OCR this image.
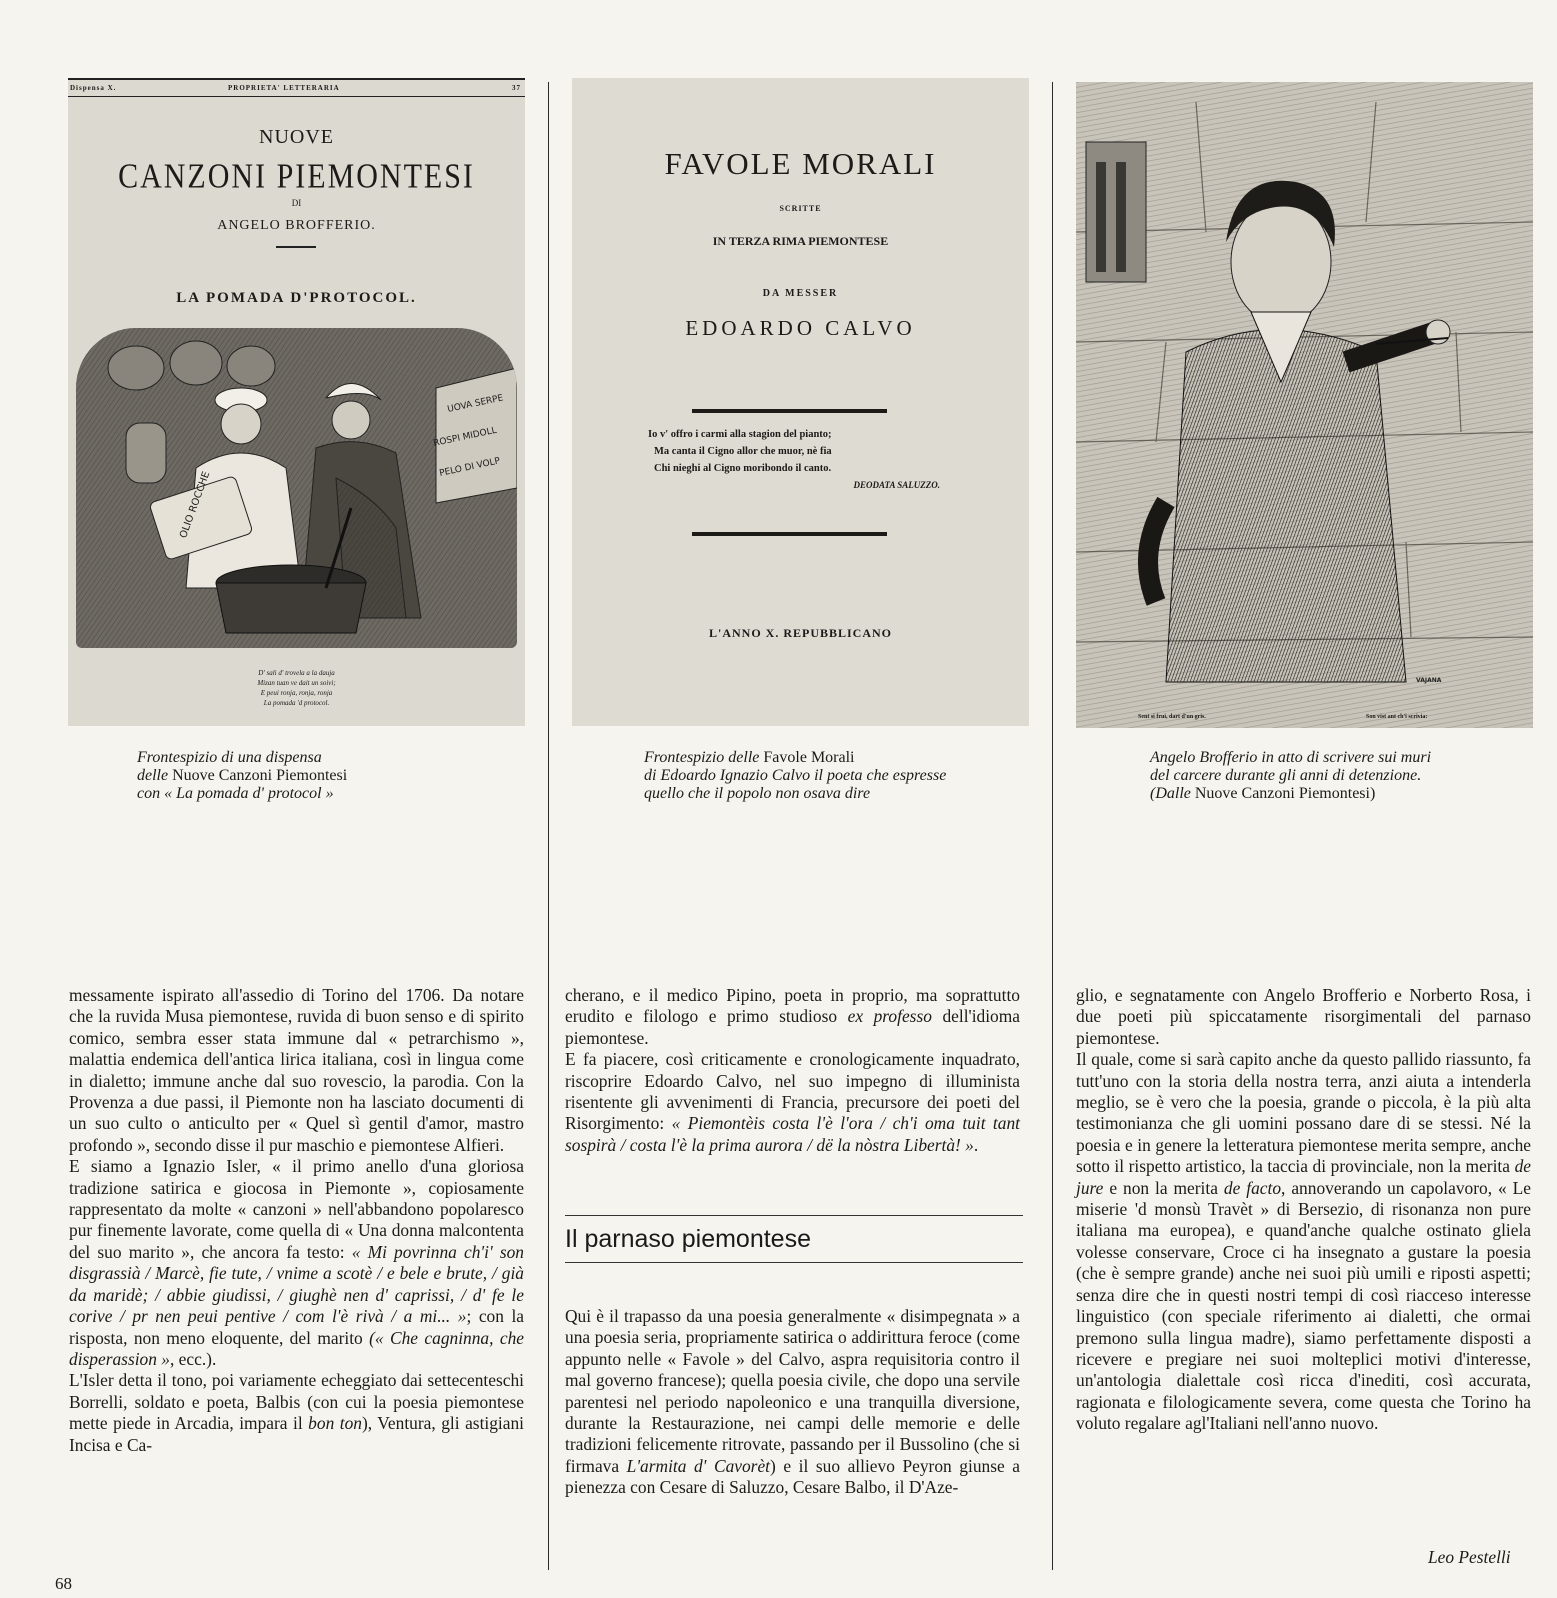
Dispensa X.	PROPRIETA' LETTERARIA	37
NUOVE
CANZONI PIEMONTESI
DI
ANGELO BROFFERIO.
LA POMADA D'PROTOCOL.
UOVA SERPE
ROSPI MIDOLL
PELO DI VOLP
OLIO ROCCHE
D' sali d' trovela a la dauja
Mizan tuan ve dait un soivi;
E peui ronja, ronja, ronja
La pomada 'd protocol.
FAVOLE MORALI
SCRITTE
IN TERZA RIMA PIEMONTESE
DA MESSER
EDOARDO CALVO
Io v' offro i carmi alla stagion del pianto;
Ma canta il Cigno allor che muor, nè fia
Chi nieghi al Cigno moribondo il canto.
DEODATA SALUZZO.
L'ANNO X. REPUBBLICANO
VAJANA
Sent si frui, dart d'un gris.	Son vist ant ch'i scrivia:
Frontespizio di una dispensa
delle Nuove Canzoni Piemontesi
con « La pomada d' protocol »
Frontespizio delle Favole Morali
di Edoardo Ignazio Calvo il poeta che espresse
quello che il popolo non osava dire
Angelo Brofferio in atto di scrivere sui muri
del carcere durante gli anni di detenzione.
(Dalle Nuove Canzoni Piemontesi)

messamente ispirato all'assedio di Torino del 1706. Da notare che la ruvida Musa piemontese, ruvida di buon senso e di spirito comico, sembra esser stata immune dal « petrarchismo », malattia endemica dell'antica lirica italiana, così in lingua come in dialetto; immune anche dal suo rovescio, la parodia. Con la Provenza a due passi, il Piemonte non ha lasciato documenti di un suo culto o anticulto per « Quel sì gentil d'amor, mastro profondo », secondo disse il pur maschio e piemontese Alfieri.

E siamo a Ignazio Isler, « il primo anello d'una gloriosa tradizione satirica e giocosa in Piemonte », copiosamente rappresentato da molte « canzoni » nell'abbandono popolaresco pur finemente lavorate, come quella di « Una donna malcontenta del suo marito », che ancora fa testo: « Mi povrinna ch'i' son disgrassià / Marcè, fie tute, / vnime a scotè / e bele e brute, / già da maridè; / abbie giudissi, / giughè nen d' caprissi, / d' fe le corive / pr nen peui pentive / com l'è rivà / a mi... »; con la risposta, non meno eloquente, del marito (« Che cagninna, che disperassion », ecc.).

L'Isler detta il tono, poi variamente echeggiato dai settecenteschi Borrelli, soldato e poeta, Balbis (con cui la poesia piemontese mette piede in Arcadia, impara il bon ton), Ventura, gli astigiani Incisa e Ca-

cherano, e il medico Pipino, poeta in proprio, ma soprattutto erudito e filologo e primo studioso ex professo dell'idioma piemontese.

E fa piacere, così criticamente e cronologicamente inquadrato, riscoprire Edoardo Calvo, nel suo impegno di illuminista risentente gli avvenimenti di Francia, precursore dei poeti del Risorgimento: « Piemontèis costa l'è l'ora / ch'i oma tuit tant sospirà / costa l'è la prima aurora / dë la nòstra Libertà! ».

Il parnaso piemontese

Qui è il trapasso da una poesia generalmente « disimpegnata » a una poesia seria, propriamente satirica o addirittura feroce (come appunto nelle « Favole » del Calvo, aspra requisitoria contro il mal governo francese); quella poesia civile, che dopo una servile parentesi nel periodo napoleonico e una tranquilla diversione, durante la Restaurazione, nei campi delle memorie e delle tradizioni felicemente ritrovate, passando per il Bussolino (che si firmava L'armita d' Cavorèt) e il suo allievo Peyron giunse a pienezza con Cesare di Saluzzo, Cesare Balbo, il D'Aze-

glio, e segnatamente con Angelo Brofferio e Norberto Rosa, i due poeti più spiccatamente risorgimentali del parnaso piemontese.

Il quale, come si sarà capito anche da questo pallido riassunto, fa tutt'uno con la storia della nostra terra, anzi aiuta a intenderla meglio, se è vero che la poesia, grande o piccola, è la più alta testimonianza che gli uomini possano dare di se stessi. Né la poesia e in genere la letteratura piemontese merita sempre, anche sotto il rispetto artistico, la taccia di provinciale, non la merita de jure e non la merita de facto, annoverando un capolavoro, « Le miserie 'd monsù Travèt » di Bersezio, di risonanza non pure italiana ma europea), e quand'anche qualche ostinato gliela volesse conservare, Croce ci ha insegnato a gustare la poesia (che è sempre grande) anche nei suoi più umili e riposti aspetti; senza dire che in questi nostri tempi di così riacceso interesse linguistico (con speciale riferimento ai dialetti, che ormai premono sulla lingua madre), siamo perfettamente disposti a ricevere e pregiare nei suoi molteplici motivi d'interesse, un'antologia dialettale così ricca d'inediti, così accurata, ragionata e filologicamente severa, come questa che Torino ha voluto regalare agl'Italiani nell'anno nuovo.

Leo Pestelli
68
